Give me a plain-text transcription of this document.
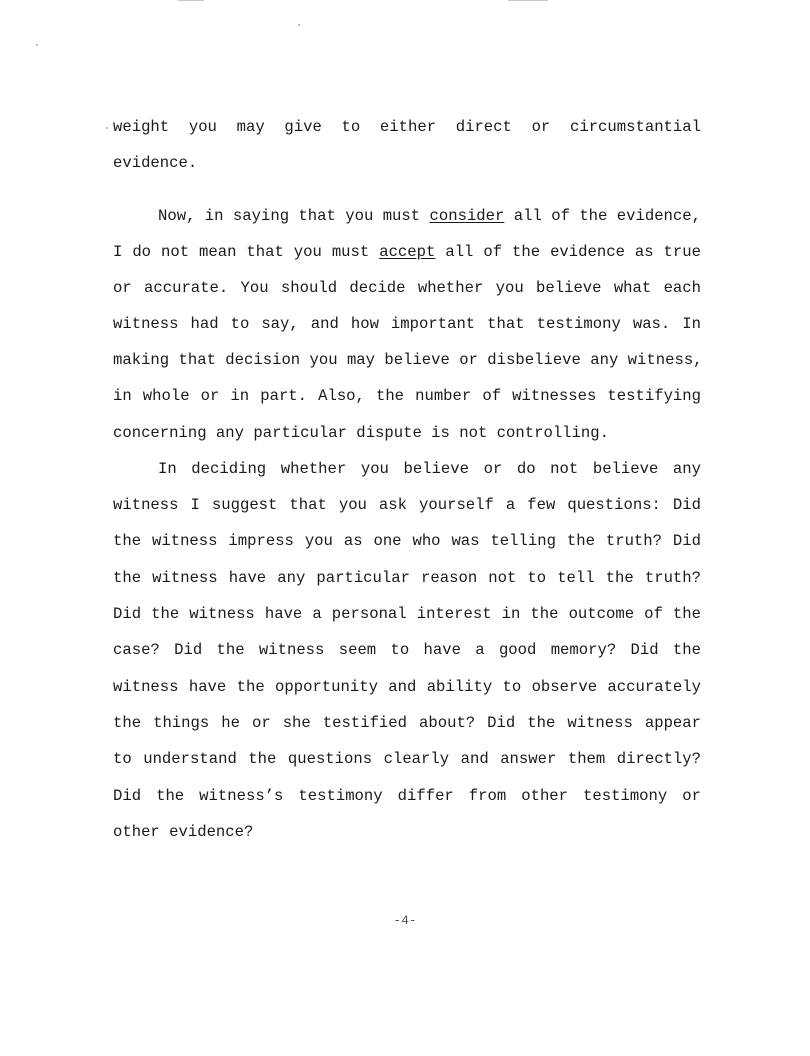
weight you may give to either direct or circumstantial
evidence.
Now, in saying that you must consider all of the evidence,
I do not mean that you must accept all of the evidence as true
or accurate. You should decide whether you believe what each
witness had to say, and how important that testimony was. In
making that decision you may believe or disbelieve any witness,
in whole or in part. Also, the number of witnesses testifying
concerning any particular dispute is not controlling.
In deciding whether you believe or do not believe any
witness I suggest that you ask yourself a few questions: Did
the witness impress you as one who was telling the truth? Did
the witness have any particular reason not to tell the truth?
Did the witness have a personal interest in the outcome of the
case? Did the witness seem to have a good memory? Did the
witness have the opportunity and ability to observe accurately
the things he or she testified about? Did the witness appear
to understand the questions clearly and answer them directly?
Did the witness’s testimony differ from other testimony or
other evidence?
-4-
